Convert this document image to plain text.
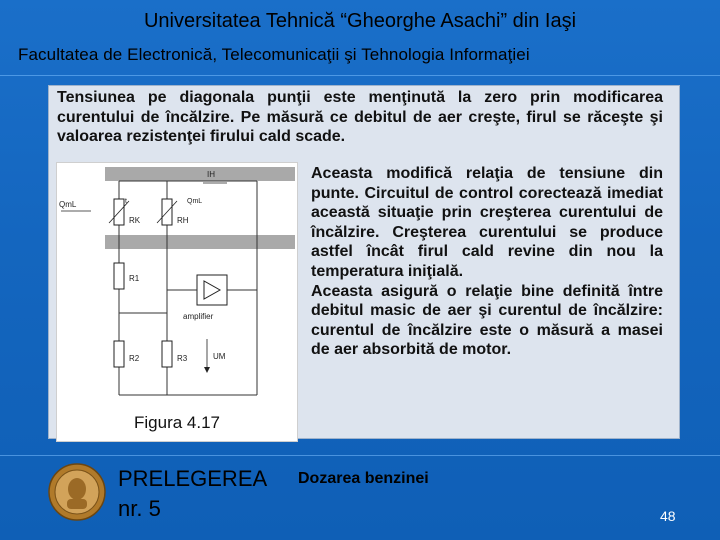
Universitatea Tehnică “Gheorghe Asachi” din Iaşi
Facultatea de Electronică, Telecomunicaţii şi Tehnologia Informaţiei
Tensiunea pe diagonala punţii este menţinută la zero prin modificarea curentului de încălzire. Pe măsură ce debitul de aer creşte, firul se răceşte şi valoarea rezistenţei firului cald scade.
Aceasta modifică relaţia de tensiune din punte. Circuitul de control corectează imediat această situaţie prin creşterea curentului de încălzire. Creşterea curentului se produce astfel încât firul cald revine din nou la temperatura iniţială.
Aceasta asigură o relaţie bine definită între debitul masic de aer şi curentul de încălzire: curentul de încălzire este o măsură a masei de aer absorbită de motor.
IH
QmL
RK
t
RH
QmL
R1
amplifier
R2	R3	UM
Figura 4.17
PRELEGEREA
nr. 5
Dozarea benzinei
48
